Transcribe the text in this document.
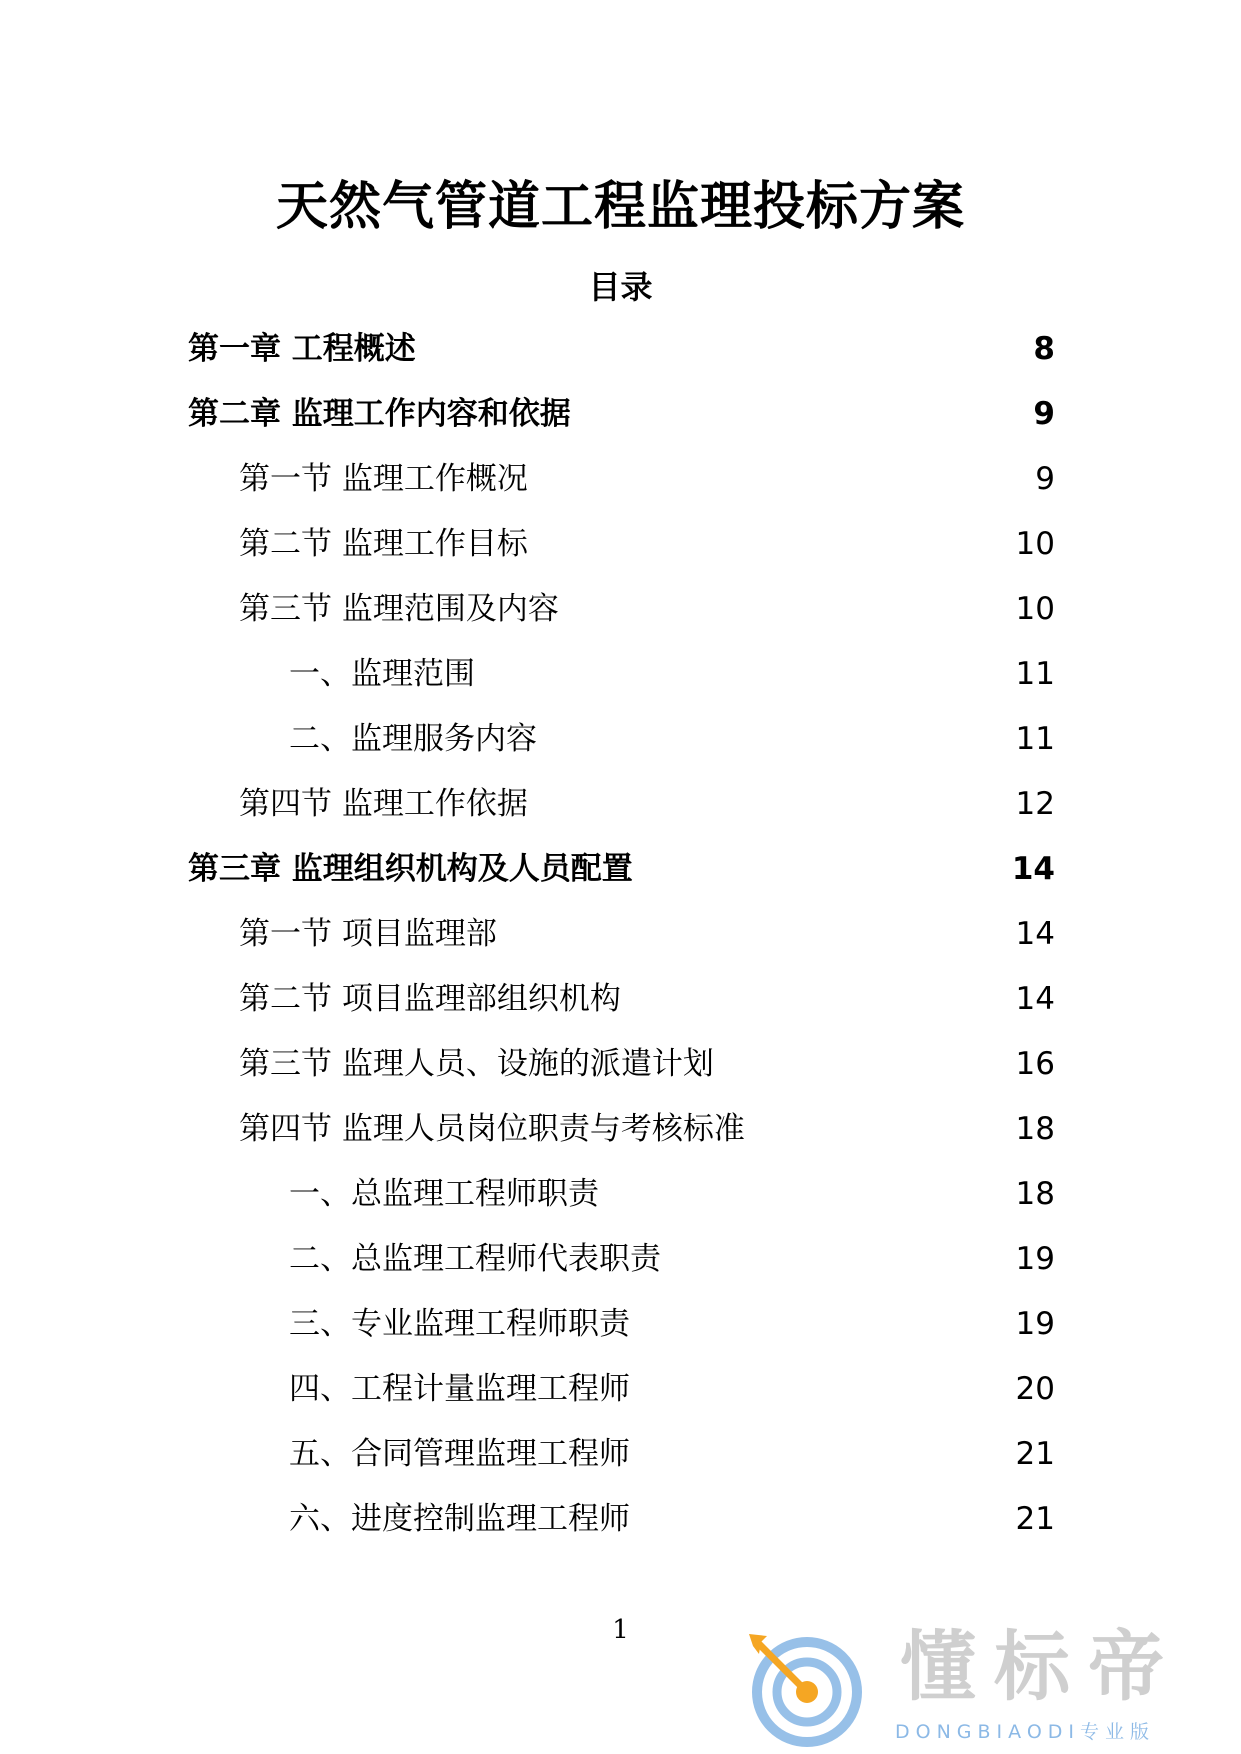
天然气管道工程监理投标方案
目录
第一章 工程概述	8
第二章 监理工作内容和依据	9
第一节 监理工作概况	9
第二节 监理工作目标	10
第三节 监理范围及内容	10
一、监理范围	11
二、监理服务内容	11
第四节 监理工作依据	12
第三章 监理组织机构及人员配置	14
第一节 项目监理部	14
第二节 项目监理部组织机构	14
第三节 监理人员、设施的派遣计划	16
第四节 监理人员岗位职责与考核标准	18
一、总监理工程师职责	18
二、总监理工程师代表职责	19
三、专业监理工程师职责	19
四、工程计量监理工程师	20
五、合同管理监理工程师	21
六、进度控制监理工程师	21
1	懂标帝
DONGBIAODI专业版
